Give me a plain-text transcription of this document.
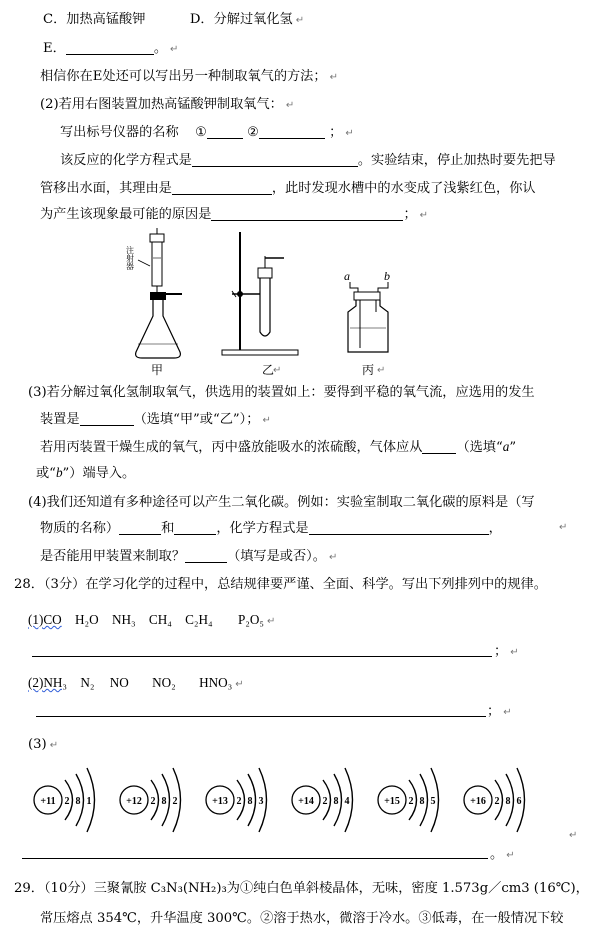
C．加热高锰酸钾	D．分解过氧化氢 ↵
E．	。 ↵
相信你在E处还可以写出另一种制取氧气的方法； ↵
(2)若用右图装置加热高锰酸钾制取氧气： ↵
写出标号仪器的名称 ①	②	； ↵
该反应的化学方程式是	。实验结束，停止加热时要先把导
管移出水面，其理由是	，此时发现水槽中的水变成了浅紫红色，你认
为产生该现象最可能的原因是	； ↵
注射器
甲	乙
a	b
丙
↵	↵
(3)若分解过氧化氢制取氧气，供选用的装置如上：要得到平稳的氧气流，应选用的发生
装置是	（选填“甲”或“乙”）； ↵
若用丙装置干燥生成的氧气，丙中盛放能吸水的浓硫酸，气体应从	（选填“a”
或“b”）端导入。
(4)我们还知道有多种途径可以产生二氧化碳。例如：实验室制取二氧化碳的原料是（写
物质的名称）	和	，化学方程式是	，	↵
是否能用甲装置来制取？	（填写是或否）。 ↵
28．（3分）在学习化学的过程中，总结规律要严谨、全面、科学。写出下列排列中的规律。
(1)CO H₂O NH₃ CH₄ C₂H₄ P₂O₅ ↵
； ↵
(2)NH₃ N₂ NO NO₂ HNO₃ ↵
； ↵
(3) ↵
+11 2 8 1	+12 2 8 2	+13 2 8 3	+14 2 8 4	+15 2 8 5	+16 2 8 6
↵
。 ↵
29．（10分）三聚氰胺 C₃N₃(NH₂)₃为①纯白色单斜棱晶体，无味，密度 1.573g／cm3 (16℃)，
常压熔点 354℃，升华温度 300℃。②溶于热水，微溶于冷水。③低毒，在一般情况下较
